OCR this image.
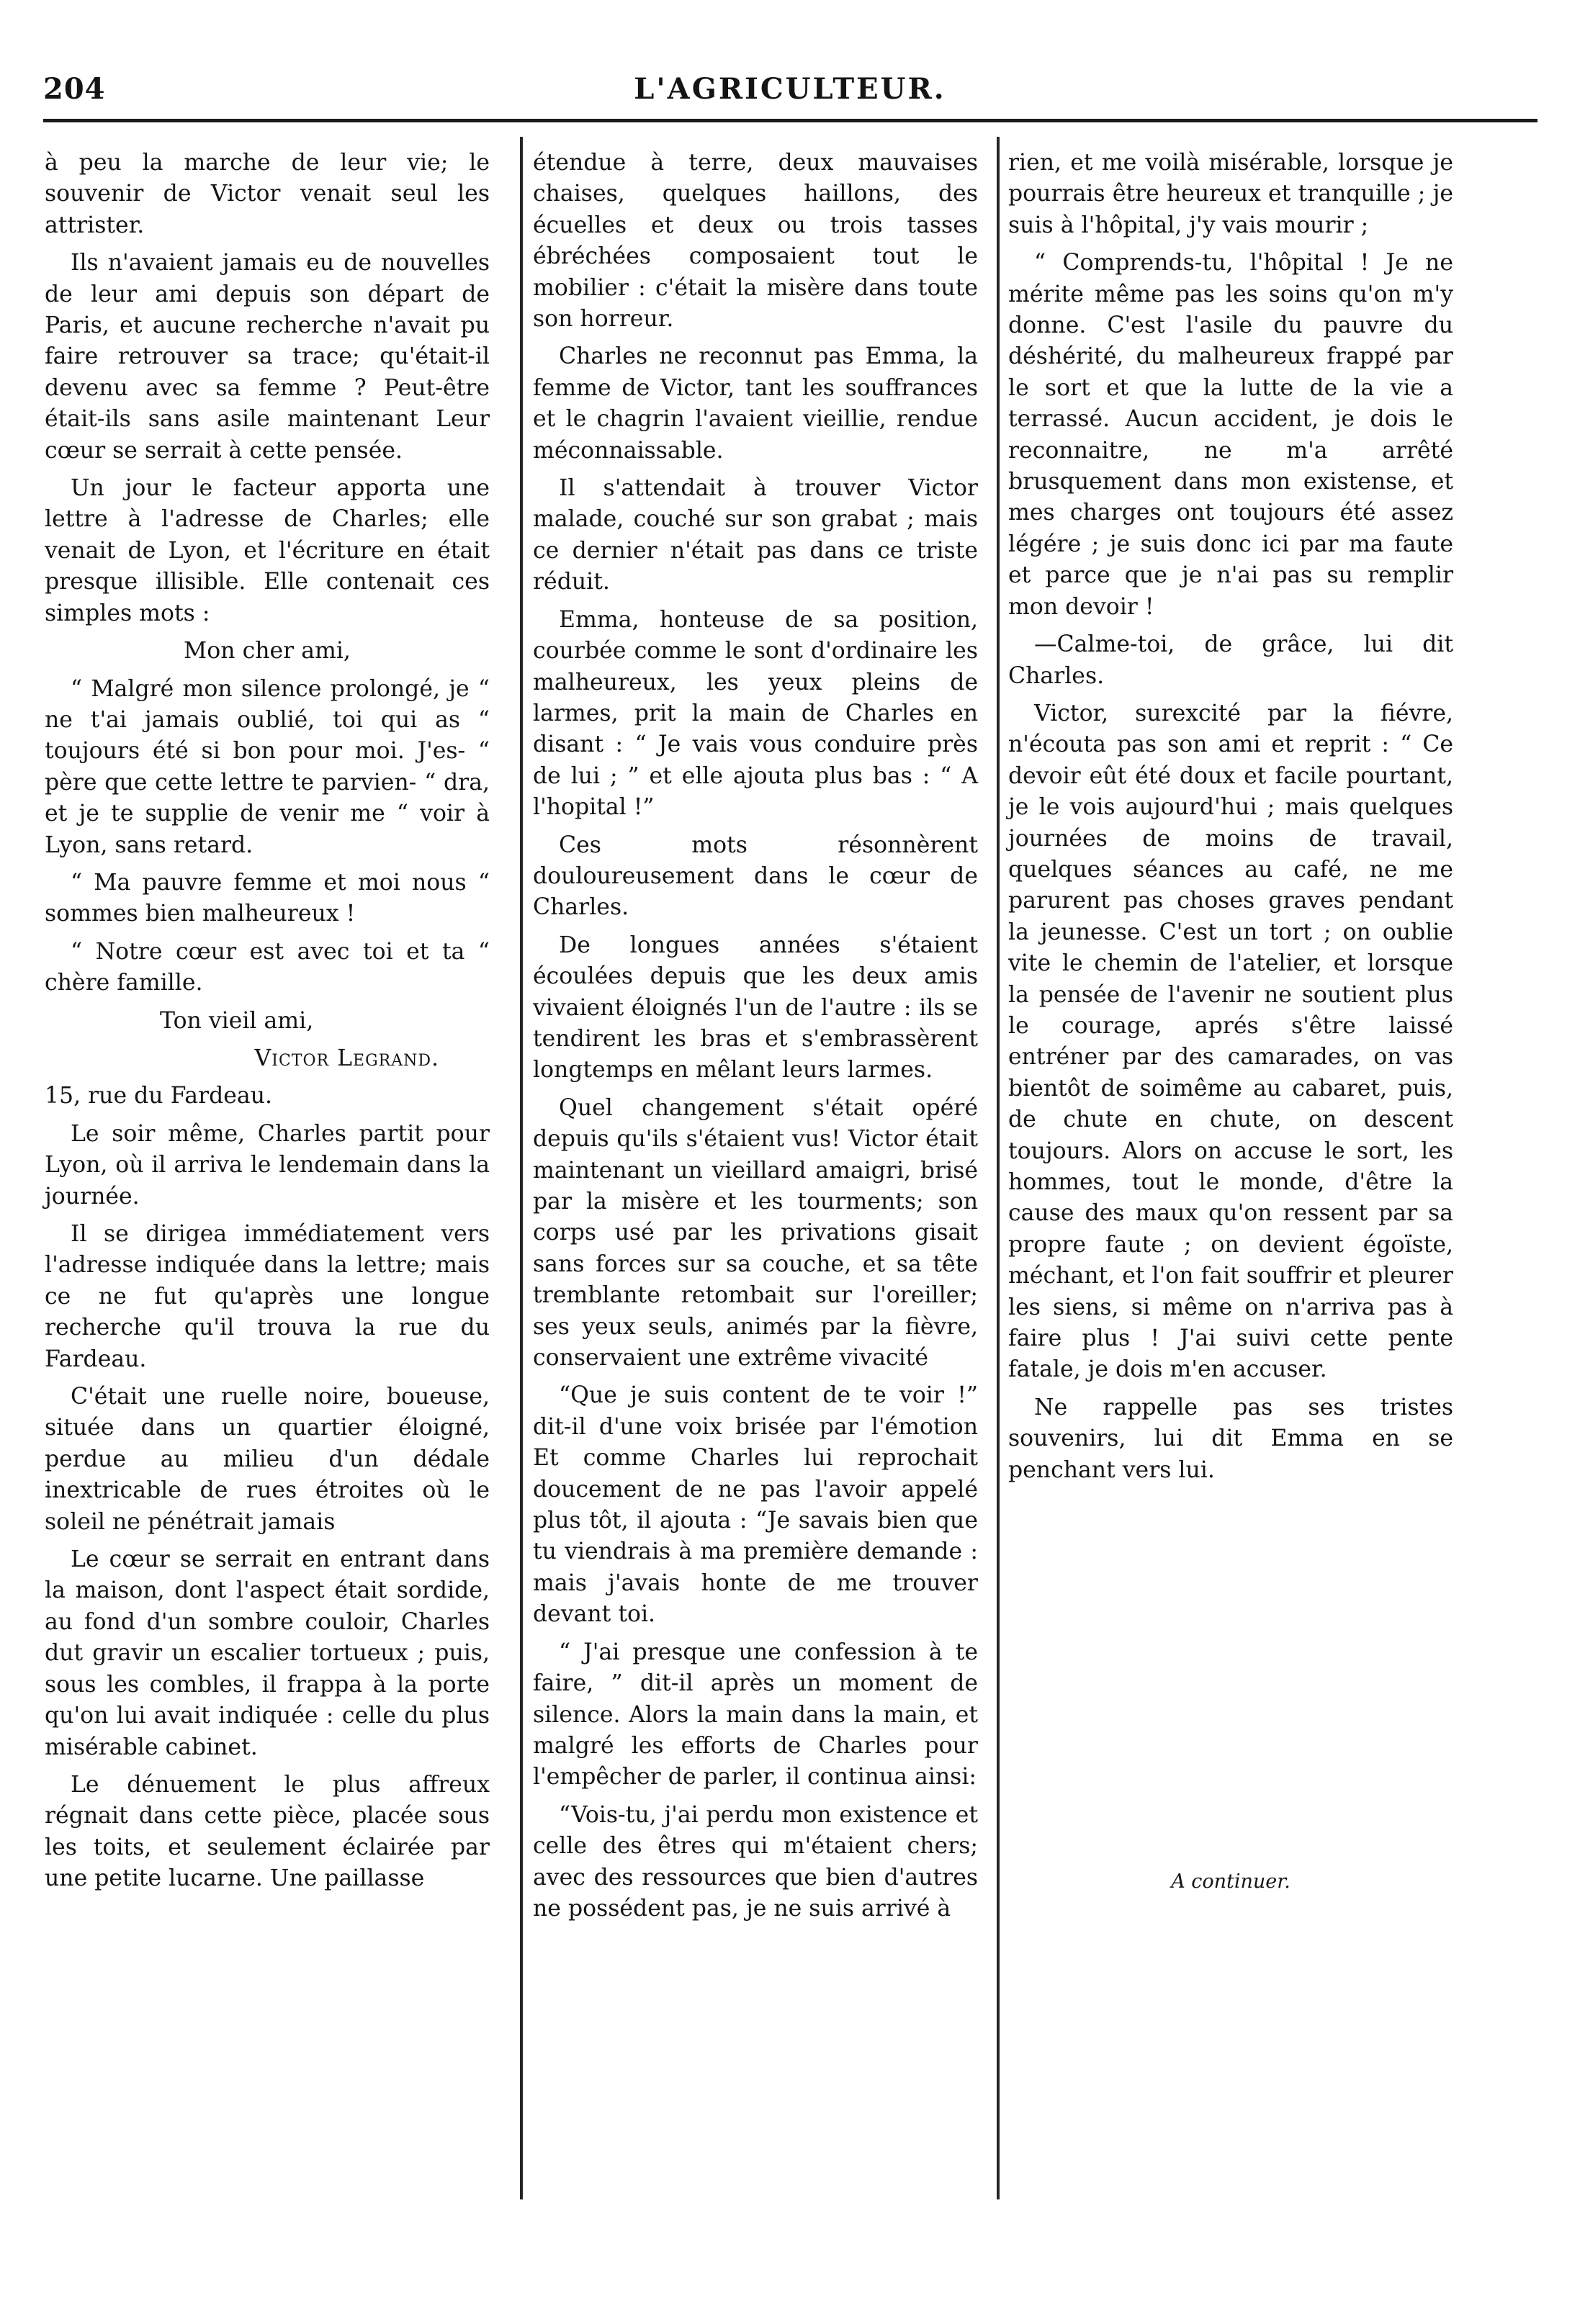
204	L'AGRICULTEUR.

à peu la marche de leur vie; le souvenir de Victor venait seul les attrister.

Ils n'avaient jamais eu de nouvelles de leur ami depuis son départ de Paris, et aucune recherche n'avait pu faire retrouver sa trace; qu'était-il devenu avec sa femme ? Peut-être était-ils sans asile maintenant Leur cœur se serrait à cette pensée.

Un jour le facteur apporta une lettre à l'adresse de Charles; elle venait de Lyon, et l'écriture en était presque illisible. Elle contenait ces simples mots :

Mon cher ami,

“ Malgré mon silence prolongé, je “ ne t'ai jamais oublié, toi qui as “ toujours été si bon pour moi. J'es- “ père que cette lettre te parvien- “ dra, et je te supplie de venir me “ voir à Lyon, sans retard.

“ Ma pauvre femme et moi nous “ sommes bien malheureux !

“ Notre cœur est avec toi et ta “ chère famille.

Ton vieil ami,

Victor Legrand.

15, rue du Fardeau.

Le soir même, Charles partit pour Lyon, où il arriva le lendemain dans la journée.

Il se dirigea immédiatement vers l'adresse indiquée dans la lettre; mais ce ne fut qu'après une longue recherche qu'il trouva la rue du Fardeau.

C'était une ruelle noire, boueuse, située dans un quartier éloigné, perdue au milieu d'un dédale inextricable de rues étroites où le soleil ne pénétrait jamais

Le cœur se serrait en entrant dans la maison, dont l'aspect était sordide, au fond d'un sombre couloir, Charles dut gravir un escalier tortueux ; puis, sous les combles, il frappa à la porte qu'on lui avait indiquée : celle du plus misérable cabinet.

Le dénuement le plus affreux régnait dans cette pièce, placée sous les toits, et seulement éclairée par une petite lucarne. Une paillasse

étendue à terre, deux mauvaises chaises, quelques haillons, des écuelles et deux ou trois tasses ébréchées composaient tout le mobilier : c'était la misère dans toute son horreur.

Charles ne reconnut pas Emma, la femme de Victor, tant les souffrances et le chagrin l'avaient vieillie, rendue méconnaissable.

Il s'attendait à trouver Victor malade, couché sur son grabat ; mais ce dernier n'était pas dans ce triste réduit.

Emma, honteuse de sa position, courbée comme le sont d'ordinaire les malheureux, les yeux pleins de larmes, prit la main de Charles en disant : “ Je vais vous conduire près de lui ; ” et elle ajouta plus bas : “ A l'hopital !”

Ces mots résonnèrent douloureusement dans le cœur de Charles.

De longues années s'étaient écoulées depuis que les deux amis vivaient éloignés l'un de l'autre : ils se tendirent les bras et s'embrassèrent longtemps en mêlant leurs larmes.

Quel changement s'était opéré depuis qu'ils s'étaient vus! Victor était maintenant un vieillard amaigri, brisé par la misère et les tourments; son corps usé par les privations gisait sans forces sur sa couche, et sa tête tremblante retombait sur l'oreiller; ses yeux seuls, animés par la fièvre, conservaient une extrême vivacité

“Que je suis content de te voir !” dit-il d'une voix brisée par l'émotion Et comme Charles lui reprochait doucement de ne pas l'avoir appelé plus tôt, il ajouta : “Je savais bien que tu viendrais à ma première demande : mais j'avais honte de me trouver devant toi.

“ J'ai presque une confession à te faire, ” dit-il après un moment de silence. Alors la main dans la main, et malgré les efforts de Charles pour l'empêcher de parler, il continua ainsi:

“Vois-tu, j'ai perdu mon existence et celle des êtres qui m'étaient chers; avec des ressources que bien d'autres ne possédent pas, je ne suis arrivé à

rien, et me voilà misérable, lorsque je pourrais être heureux et tranquille ; je suis à l'hôpital, j'y vais mourir ;

“ Comprends-tu, l'hôpital ! Je ne mérite même pas les soins qu'on m'y donne. C'est l'asile du pauvre du déshérité, du malheureux frappé par le sort et que la lutte de la vie a terrassé. Aucun accident, je dois le reconnaitre, ne m'a arrêté brusquement dans mon existense, et mes charges ont toujours été assez légére ; je suis donc ici par ma faute et parce que je n'ai pas su remplir mon devoir !

—Calme-toi, de grâce, lui dit Charles.

Victor, surexcité par la fiévre, n'écouta pas son ami et reprit : “ Ce devoir eût été doux et facile pourtant, je le vois aujourd'hui ; mais quelques journées de moins de travail, quelques séances au café, ne me parurent pas choses graves pendant la jeunesse. C'est un tort ; on oublie vite le chemin de l'atelier, et lorsque la pensée de l'avenir ne soutient plus le courage, aprés s'être laissé entréner par des camarades, on vas bientôt de soimême au cabaret, puis, de chute en chute, on descent toujours. Alors on accuse le sort, les hommes, tout le monde, d'être la cause des maux qu'on ressent par sa propre faute ; on devient égoïste, méchant, et l'on fait souffrir et pleurer les siens, si même on n'arriva pas à faire plus ! J'ai suivi cette pente fatale, je dois m'en accuser.

Ne rappelle pas ses tristes souvenirs, lui dit Emma en se penchant vers lui.

A continuer.
